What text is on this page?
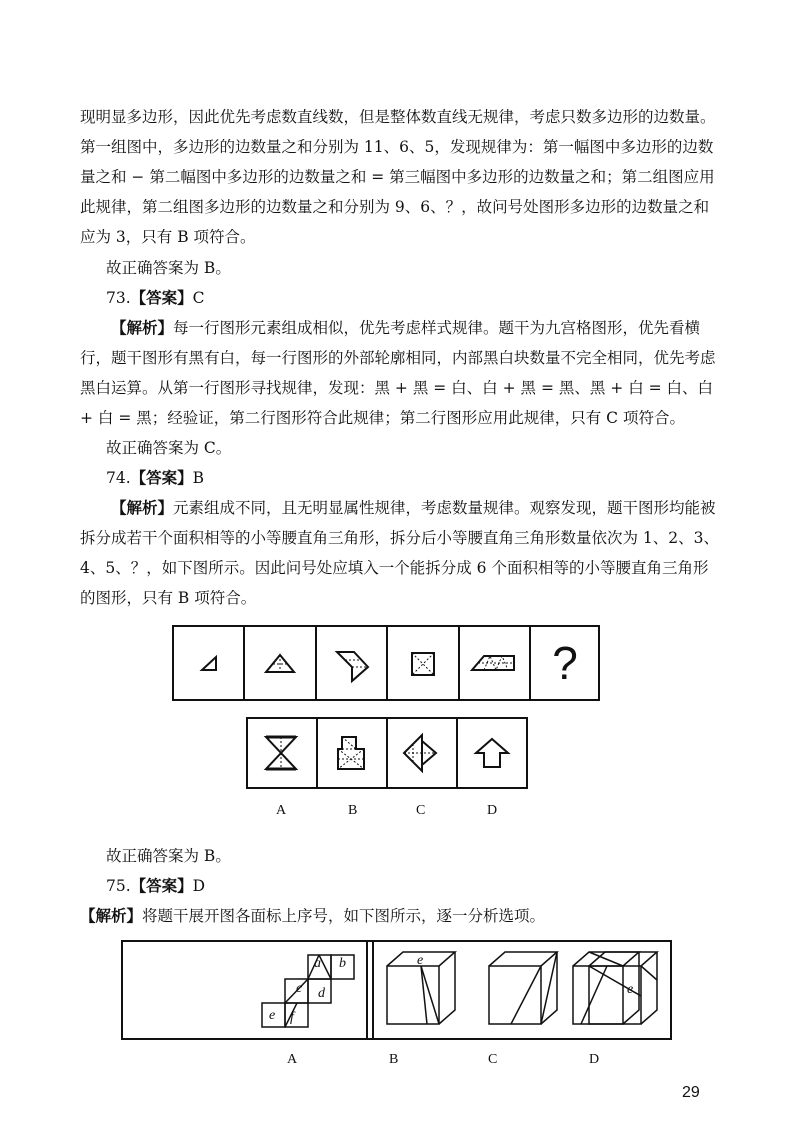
现明显多边形，因此优先考虑数直线数，但是整体数直线无规律，考虑只数多边形的边数量。第一组图中，多边形的边数量之和分别为 11、6、5，发现规律为：第一幅图中多边形的边数量之和 − 第二幅图中多边形的边数量之和 = 第三幅图中多边形的边数量之和；第二组图应用此规律，第二组图多边形的边数量之和分别为 9、6、？，故问号处图形多边形的边数量之和应为 3，只有 B 项符合。

故正确答案为 B。
73.【答案】C

【解析】每一行图形元素组成相似，优先考虑样式规律。题干为九宫格图形，优先看横行，题干图形有黑有白，每一行图形的外部轮廓相同，内部黑白块数量不完全相同，优先考虑黑白运算。从第一行图形寻找规律，发现：黑 + 黑 = 白、白 + 黑 = 黑、黑 + 白 = 白、白 + 白 = 黑；经验证，第二行图形符合此规律；第二行图形应用此规律，只有 C 项符合。

故正确答案为 C。
74.【答案】B

【解析】元素组成不同，且无明显属性规律，考虑数量规律。观察发现，题干图形均能被拆分成若干个面积相等的小等腰直角三角形，拆分后小等腰直角三角形数量依次为 1、2、3、4、5、？，如下图所示。因此问号处应填入一个能拆分成 6 个面积相等的小等腰直角三角形的图形，只有 B 项符合。

?
A	B	C	D
故正确答案为 B。
75.【答案】D
【解析】将题干展开图各面标上序号，如下图所示，逐一分析选项。
a b
c d
e f
e
e
A	B	C	D
29
